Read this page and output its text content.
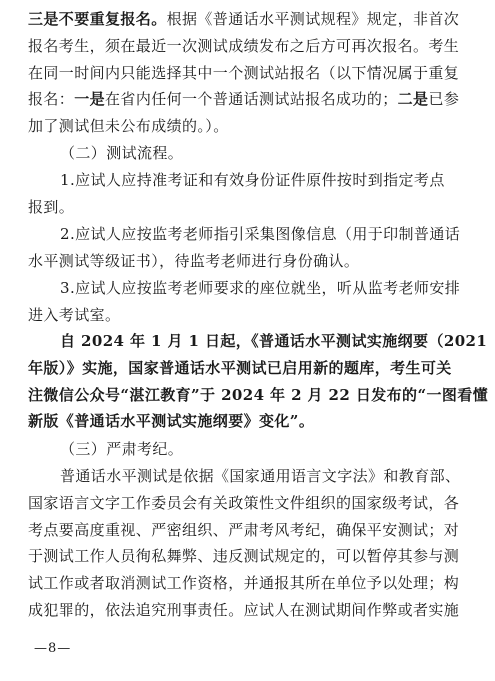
三是不要重复报名。根据《普通话水平测试规程》规定，非首次
报名考生，须在最近一次测试成绩发布之后方可再次报名。考生
在同一时间内只能选择其中一个测试站报名（以下情况属于重复
报名：一是在省内任何一个普通话测试站报名成功的；二是已参
加了测试但未公布成绩的。）。
（二）测试流程。
1.应试人应持准考证和有效身份证件原件按时到指定考点
报到。
2.应试人应按监考老师指引采集图像信息（用于印制普通话
水平测试等级证书），待监考老师进行身份确认。
3.应试人应按监考老师要求的座位就坐，听从监考老师安排
进入考试室。
自 2024 年 1 月 1 日起，《普通话水平测试实施纲要（2021
年版）》实施，国家普通话水平测试已启用新的题库，考生可关
注微信公众号“湛江教育”于 2024 年 2 月 22 日发布的“一图看懂
新版《普通话水平测试实施纲要》变化”。
（三）严肃考纪。
普通话水平测试是依据《国家通用语言文字法》和教育部、
国家语言文字工作委员会有关政策性文件组织的国家级考试，各
考点要高度重视、严密组织、严肃考风考纪，确保平安测试；对
于测试工作人员徇私舞弊、违反测试规定的，可以暂停其参与测
试工作或者取消测试工作资格，并通报其所在单位予以处理；构
成犯罪的，依法追究刑事责任。应试人在测试期间作弊或者实施
—8—
